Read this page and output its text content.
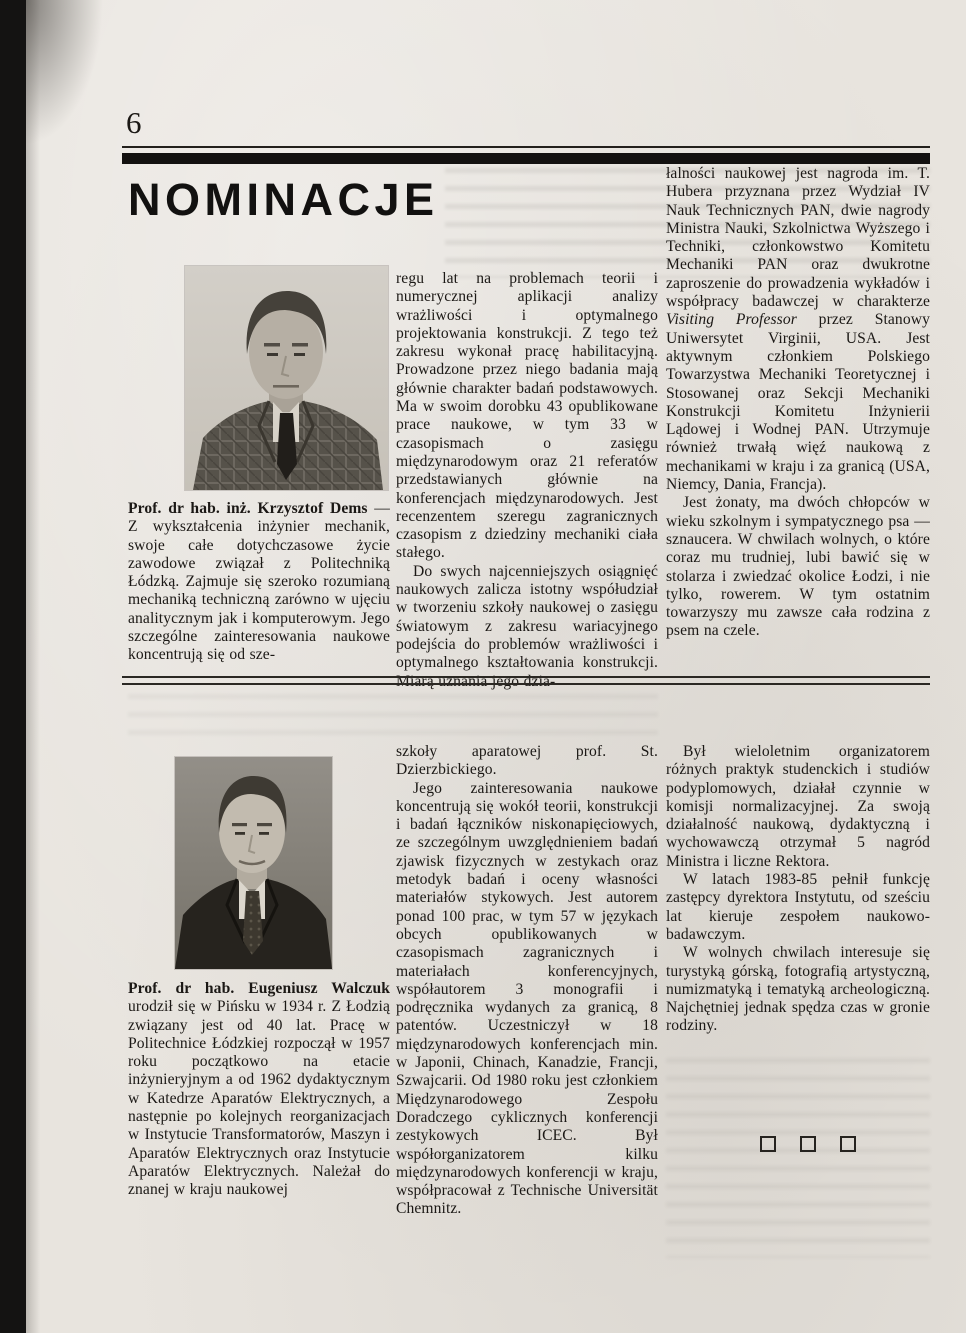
6
NOMINACJE

Prof. dr hab. inż. Krzysztof Dems — Z wykształcenia inżynier mechanik, swoje całe dotychczasowe życie zawodowe związał z Politechniką Łódzką. Zajmuje się szeroko rozumianą mechaniką techniczną zarówno w ujęciu analitycznym jak i komputerowym. Jego szczególne zainteresowania naukowe koncentrują się od sze-

regu lat na problemach teorii i numerycznej aplikacji analizy wrażliwości i optymalnego projektowania konstrukcji. Z tego też zakresu wykonał pracę habilitacyjną. Prowadzone przez niego badania mają głównie charakter badań podstawowych. Ma w swoim dorobku 43 opublikowane prace naukowe, w tym 33 w czasopismach o zasięgu międzynarodowym oraz 21 referatów przedstawianych głównie na konferencjach międzynarodowych. Jest recenzentem szeregu zagranicznych czasopism z dziedziny mechaniki ciała stałego.

Do swych najcenniejszych osiągnięć naukowych zalicza istotny współudział w tworzeniu szkoły naukowej o zasięgu światowym z zakresu wariacyjnego podejścia do problemów wrażliwości i optymalnego kształtowania konstrukcji. Miarą uznania jego dzia-

łalności naukowej jest nagroda im. T. Hubera przyznana przez Wydział IV Nauk Technicznych PAN, dwie nagrody Ministra Nauki, Szkolnictwa Wyższego i Techniki, członkowstwo Komitetu Mechaniki PAN oraz dwukrotne zaproszenie do prowadzenia wykładów i współpracy badawczej w charakterze Visiting Professor przez Stanowy Uniwersytet Virginii, USA. Jest aktywnym członkiem Polskiego Towarzystwa Mechaniki Teoretycznej i Stosowanej oraz Sekcji Mechaniki Konstrukcji Komitetu Inżynierii Lądowej i Wodnej PAN. Utrzymuje również trwałą więź naukową z mechanikami w kraju i za granicą (USA, Niemcy, Dania, Francja).

Jest żonaty, ma dwóch chłopców w wieku szkolnym i sympatycznego psa — sznaucera. W chwilach wolnych, o które coraz mu trudniej, lubi bawić się w stolarza i zwiedzać okolice Łodzi, i nie tylko, rowerem. W tym ostatnim towarzyszy mu zawsze cała rodzina z psem na czele.

Prof. dr hab. Eugeniusz Walczuk urodził się w Pińsku w 1934 r. Z Łodzią związany jest od 40 lat. Pracę w Politechnice Łódzkiej rozpoczął w 1957 roku początkowo na etacie inżynieryjnym a od 1962 dydaktycznym w Katedrze Aparatów Elektrycznych, a następnie po kolejnych reorganizacjach w Instytucie Transformatorów, Maszyn i Aparatów Elektrycznych oraz Instytucie Aparatów Elektrycznych. Należał do znanej w kraju naukowej

szkoły aparatowej prof. St. Dzierzbickiego.

Jego zainteresowania naukowe koncentrują się wokół teorii, konstrukcji i badań łączników niskonapięciowych, ze szczególnym uwzględnieniem badań zjawisk fizycznych w zestykach oraz metodyk badań i oceny własności materiałów stykowych. Jest autorem ponad 100 prac, w tym 57 w językach obcych opublikowanych w czasopismach zagranicznych i materiałach konferencyjnych, współautorem 3 monografii i podręcznika wydanych za granicą, 8 patentów. Uczestniczył w 18 międzynarodowych konferencjach min. w Japonii, Chinach, Kanadzie, Francji, Szwajcarii. Od 1980 roku jest członkiem Międzynarodowego Zespołu Doradczego cyklicznych konferencji zestykowych ICEC. Był współorganizatorem kilku międzynarodowych konferencji w kraju, współpracował z Technische Universität Chemnitz.

Był wieloletnim organizatorem różnych praktyk studenckich i studiów podyplomowych, działał czynnie w komisji normalizacyjnej. Za swoją działalność naukową, dydaktyczną i wychowawczą otrzymał 5 nagród Ministra i liczne Rektora.

W latach 1983-85 pełnił funkcję zastępcy dyrektora Instytutu, od sześciu lat kieruje zespołem naukowo-badawczym.

W wolnych chwilach interesuje się turystyką górską, fotografią artystyczną, numizmatyką i tematyką archeologiczną. Najchętniej jednak spędza czas w gronie rodziny.
